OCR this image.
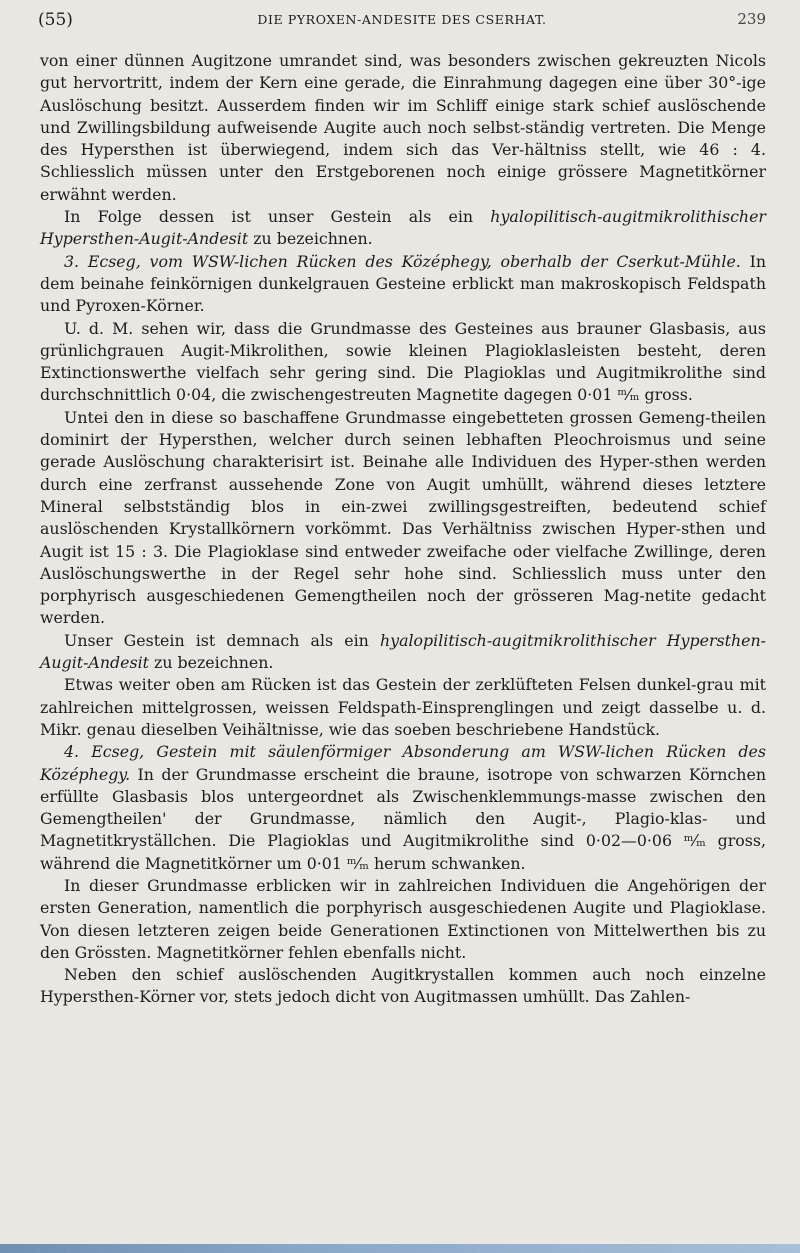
(55)	DIE PYROXEN-ANDESITE DES CSERHAT.	239

von einer dünnen Augitzone umrandet sind, was besonders zwischen gekreuzten Nicols gut hervortritt, indem der Kern eine gerade, die Einrahmung dagegen eine über 30°-ige Auslöschung besitzt. Ausserdem finden wir im Schliff einige stark schief auslöschende und Zwillingsbildung aufweisende Augite auch noch selbst-ständig vertreten. Die Menge des Hypersthen ist überwiegend, indem sich das Ver-hältniss stellt, wie 46 : 4. Schliesslich müssen unter den Erstgeborenen noch einige grössere Magnetitkörner erwähnt werden.

In Folge dessen ist unser Gestein als ein hyalopilitisch-augitmikrolithischer Hypersthen-Augit-Andesit zu bezeichnen.

3. Ecseg, vom WSW-lichen Rücken des Középhegy, oberhalb der Cserkut-Mühle. In dem beinahe feinkörnigen dunkelgrauen Gesteine erblickt man makroskopisch Feldspath und Pyroxen-Körner.

U. d. M. sehen wir, dass die Grundmasse des Gesteines aus brauner Glasbasis, aus grünlichgrauen Augit-Mikrolithen, sowie kleinen Plagioklasleisten besteht, deren Extinctionswerthe vielfach sehr gering sind. Die Plagioklas und Augitmikrolithe sind durchschnittlich 0·04, die zwischengestreuten Magnetite dagegen 0·01 ᵐ⁄ₘ gross.

Untei den in diese so baschaffene Grundmasse eingebetteten grossen Gemeng-theilen dominirt der Hypersthen, welcher durch seinen lebhaften Pleochroismus und seine gerade Auslöschung charakterisirt ist. Beinahe alle Individuen des Hyper-sthen werden durch eine zerfranst aussehende Zone von Augit umhüllt, während dieses letztere Mineral selbstständig blos in ein-zwei zwillingsgestreiften, bedeutend schief auslöschenden Krystallkörnern vorkömmt. Das Verhältniss zwischen Hyper-sthen und Augit ist 15 : 3. Die Plagioklase sind entweder zweifache oder vielfache Zwillinge, deren Auslöschungswerthe in der Regel sehr hohe sind. Schliesslich muss unter den porphyrisch ausgeschiedenen Gemengtheilen noch der grösseren Mag-netite gedacht werden.

Unser Gestein ist demnach als ein hyalopilitisch-augitmikrolithischer Hypersthen-Augit-Andesit zu bezeichnen.

Etwas weiter oben am Rücken ist das Gestein der zerklüfteten Felsen dunkel-grau mit zahlreichen mittelgrossen, weissen Feldspath-Einsprenglingen und zeigt dasselbe u. d. Mikr. genau dieselben Veihältnisse, wie das soeben beschriebene Handstück.

4. Ecseg, Gestein mit säulenförmiger Absonderung am WSW-lichen Rücken des Középhegy. In der Grundmasse erscheint die braune, isotrope von schwarzen Körnchen erfüllte Glasbasis blos untergeordnet als Zwischenklemmungs-masse zwischen den Gemengtheilen' der Grundmasse, nämlich den Augit-, Plagio-klas- und Magnetitkryställchen. Die Plagioklas und Augitmikrolithe sind 0·02—0·06 ᵐ⁄ₘ gross, während die Magnetitkörner um 0·01 ᵐ⁄ₘ herum schwanken.

In dieser Grundmasse erblicken wir in zahlreichen Individuen die Angehörigen der ersten Generation, namentlich die porphyrisch ausgeschiedenen Augite und Plagioklase. Von diesen letzteren zeigen beide Generationen Extinctionen von Mittelwerthen bis zu den Grössten. Magnetitkörner fehlen ebenfalls nicht.

Neben den schief auslöschenden Augitkrystallen kommen auch noch einzelne Hypersthen-Körner vor, stets jedoch dicht von Augitmassen umhüllt. Das Zahlen-
